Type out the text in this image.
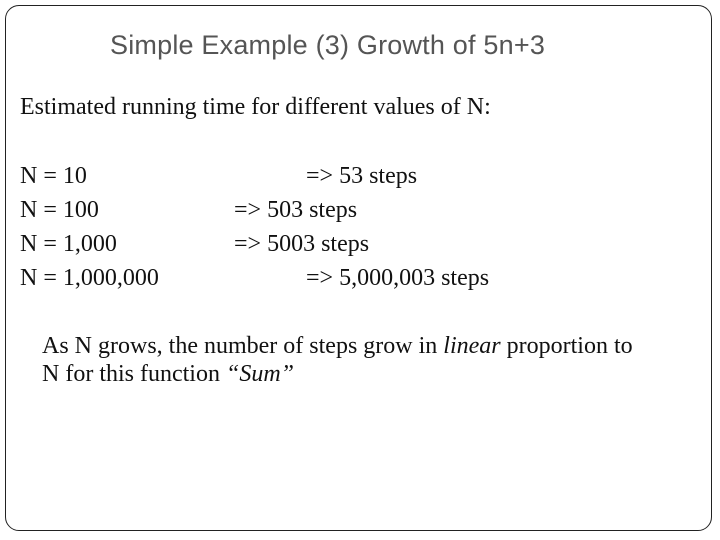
Simple Example (3) Growth of 5n+3
Estimated running time for different values of N:
N = 10	=> 53 steps
N = 100	=> 503 steps
N = 1,000	=> 5003 steps
N = 1,000,000	=> 5,000,003 steps
As N grows, the number of steps grow in linear proportion to
N for this function “Sum”
